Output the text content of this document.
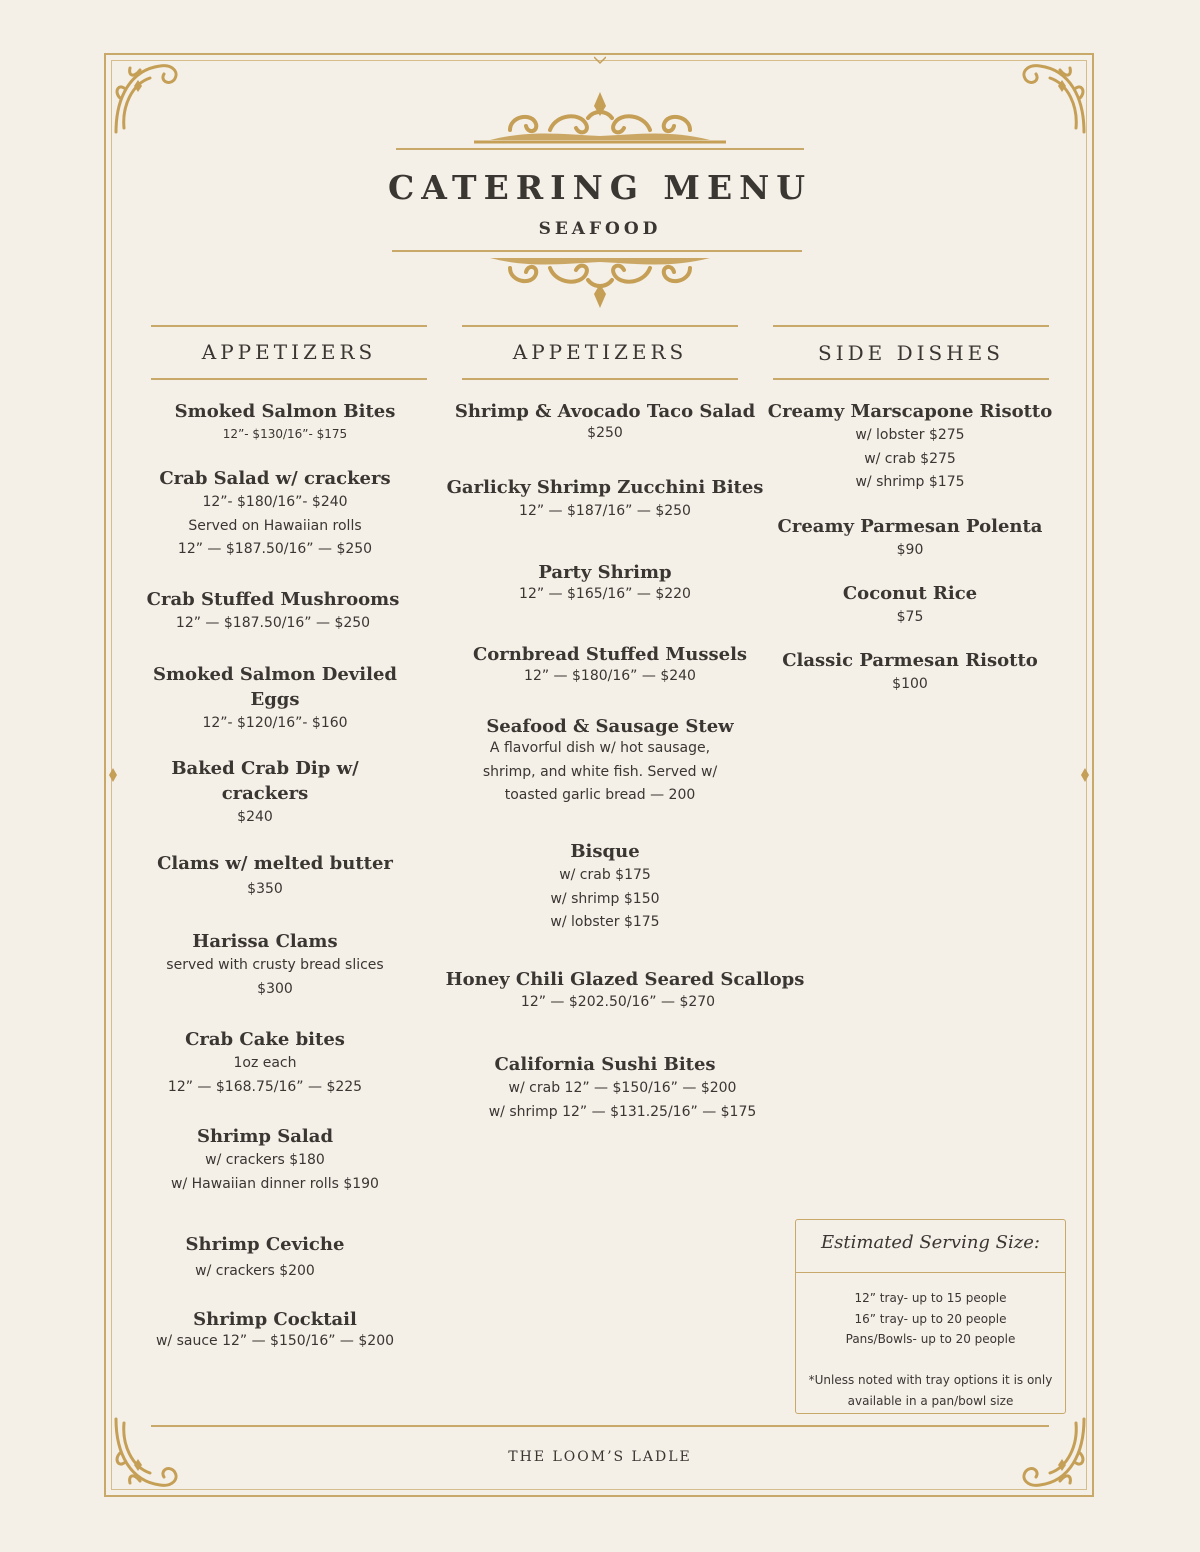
CATERING MENU
SEAFOOD
APPETIZERS	APPETIZERS	SIDE DISHES
Smoked Salmon Bites
12”- $130/16”- $175
Crab Salad w/ crackers
12”- $180/16”- $240
Served on Hawaiian rolls
12” — $187.50/16” — $250
Crab Stuffed Mushrooms
12” — $187.50/16” — $250
Smoked Salmon Deviled Eggs
12”- $120/16”- $160
Baked Crab Dip w/ crackers
$240
Clams w/ melted butter
$350
Harissa Clams
served with crusty bread slices
$300
Crab Cake bites
1oz each
12” — $168.75/16” — $225
Shrimp Salad
w/ crackers $180
w/ Hawaiian dinner rolls $190
Shrimp Ceviche
w/ crackers $200
Shrimp Cocktail
w/ sauce 12” — $150/16” — $200
Shrimp & Avocado Taco Salad
$250
Garlicky Shrimp Zucchini Bites
12” — $187/16” — $250
Party Shrimp
12” — $165/16” — $220
Cornbread Stuffed Mussels
12” — $180/16” — $240
Seafood & Sausage Stew
A flavorful dish w/ hot sausage,
shrimp, and white fish. Served w/
toasted garlic bread — 200
Bisque
w/ crab $175
w/ shrimp $150
w/ lobster $175
Honey Chili Glazed Seared Scallops
12” — $202.50/16” — $270
California Sushi Bites
w/ crab 12” — $150/16” — $200
w/ shrimp 12” — $131.25/16” — $175
Creamy Marscapone Risotto
w/ lobster $275
w/ crab $275
w/ shrimp $175
Creamy Parmesan Polenta
$90
Coconut Rice
$75
Classic Parmesan Risotto
$100
Estimated Serving Size:
12” tray- up to 15 people
16” tray- up to 20 people
Pans/Bowls- up to 20 people
*Unless noted with tray options it is only
available in a pan/bowl size
THE LOOM’S LADLE
